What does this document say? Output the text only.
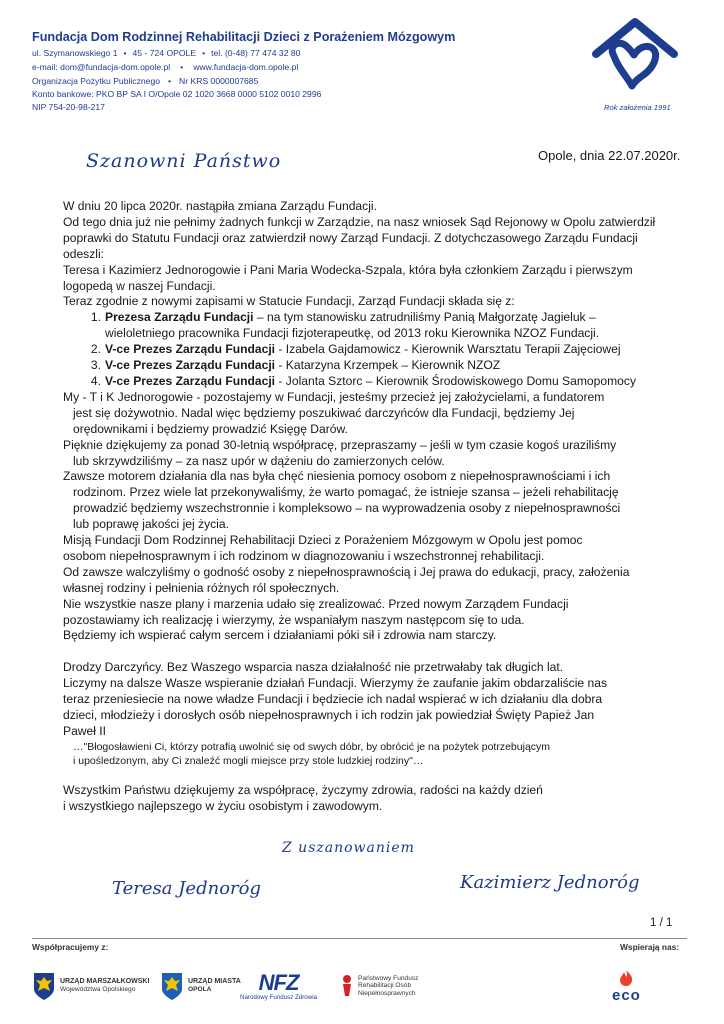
Fundacja Dom Rodzinnej Rehabilitacji Dzieci z Porażeniem Mózgowym
ul. Szymanowskiego 1 • 45 - 724 OPOLE • tel. (0-48) 77 474 32 80
e-mail: dom@fundacja-dom.opole.pl • www.fundacja-dom.opole.pl
Organizacja Pożytku Publicznego • Nr KRS 0000007685
Konto bankowe: PKO BP SA I O/Opole 02 1020 3668 0000 5102 0010 2996
NIP 754-20-98-217	Rok założenia 1991
Szanowni Państwo	Opole, dnia 22.07.2020r.

W dniu 20 lipca 2020r. nastąpiła zmiana Zarządu Fundacji.

Od tego dnia już nie pełnimy żadnych funkcji w Zarządzie, na nasz wniosek Sąd Rejonowy w Opolu zatwierdził
poprawki do Statutu Fundacji oraz zatwierdził nowy Zarząd Fundacji. Z dotychczasowego Zarządu Fundacji odeszli:
Teresa i Kazimierz Jednorogowie i Pani Maria Wodecka-Szpala, która była członkiem Zarządu i pierwszym
logopedą w naszej Fundacji.

Teraz zgodnie z nowymi zapisami w Statucie Fundacji, Zarząd Fundacji składa się z:

1. Prezesa Zarządu Fundacji – na tym stanowisku zatrudniliśmy Panią Małgorzatę Jagieluk –
wieloletniego pracownika Fundacji fizjoterapeutkę, od 2013 roku Kierownika NZOZ Fundacji.
2. V-ce Prezes Zarządu Fundacji - Izabela Gajdamowicz - Kierownik Warsztatu Terapii Zajęciowej
3. V-ce Prezes Zarządu Fundacji - Katarzyna Krzempek – Kierownik NZOZ
4. V-ce Prezes Zarządu Fundacji - Jolanta Sztorc – Kierownik Środowiskowego Domu Samopomocy

My - T i K Jednorogowie - pozostajemy w Fundacji, jesteśmy przecież jej założycielami, a fundatorem
jest się dożywotnio. Nadal więc będziemy poszukiwać darczyńców dla Fundacji, będziemy Jej
orędownikami i będziemy prowadzić Księgę Darów.

Pięknie dziękujemy za ponad 30-letnią współpracę, przepraszamy – jeśli w tym czasie kogoś uraziliśmy
lub skrzywdziliśmy – za nasz upór w dążeniu do zamierzonych celów.

Zawsze motorem działania dla nas była chęć niesienia pomocy osobom z niepełnosprawnościami i ich
rodzinom. Przez wiele lat przekonywaliśmy, że warto pomagać, że istnieje szansa – jeżeli rehabilitację
prowadzić będziemy wszechstronnie i kompleksowo – na wyprowadzenia osoby z niepełnosprawności
lub poprawę jakości jej życia.

Misją Fundacji Dom Rodzinnej Rehabilitacji Dzieci z Porażeniem Mózgowym w Opolu jest pomoc
osobom niepełnosprawnym i ich rodzinom w diagnozowaniu i wszechstronnej rehabilitacji.

Od zawsze walczyliśmy o godność osoby z niepełnosprawnością i Jej prawa do edukacji, pracy, założenia
własnej rodziny i pełnienia różnych ról społecznych.

Nie wszystkie nasze plany i marzenia udało się zrealizować. Przed nowym Zarządem Fundacji
pozostawiamy ich realizację i wierzymy, że wspaniałym naszym następcom się to uda.
Będziemy ich wspierać całym sercem i działaniami póki sił i zdrowia nam starczy.

Drodzy Darczyńcy. Bez Waszego wsparcia nasza działalność nie przetrwałaby tak długich lat.
Liczymy na dalsze Wasze wspieranie działań Fundacji. Wierzymy że zaufanie jakim obdarzaliście nas
teraz przeniesiecie na nowe władze Fundacji i będziecie ich nadal wspierać w ich działaniu dla dobra
dzieci, młodzieży i dorosłych osób niepełnosprawnych i ich rodzin jak powiedział Święty Papież Jan
Paweł II

…"Błogosławieni Ci, którzy potrafią uwolnić się od swych dóbr, by obrócić je na pożytek potrzebującym
i upośledzonym, aby Ci znaleźć mogli miejsce przy stole ludzkiej rodziny"…

Wszystkim Państwu dziękujemy za współpracę, życzymy zdrowia, radości na każdy dzień
i wszystkiego najlepszego w życiu osobistym i zawodowym.

Z uszanowaniem
Teresa Jednoróg	Kazimierz Jednoróg
1 / 1
Współpracujemy z:	Wspierają nas:
URZĄD MARSZAŁKOWSKI
Województwa Opolskiego
URZĄD MIASTA
OPOLA	NFZ
Narodowy Fundusz Zdrowia
Państwowy Fundusz
Rehabilitacji Osób
Niepełnosprawnych	eco
